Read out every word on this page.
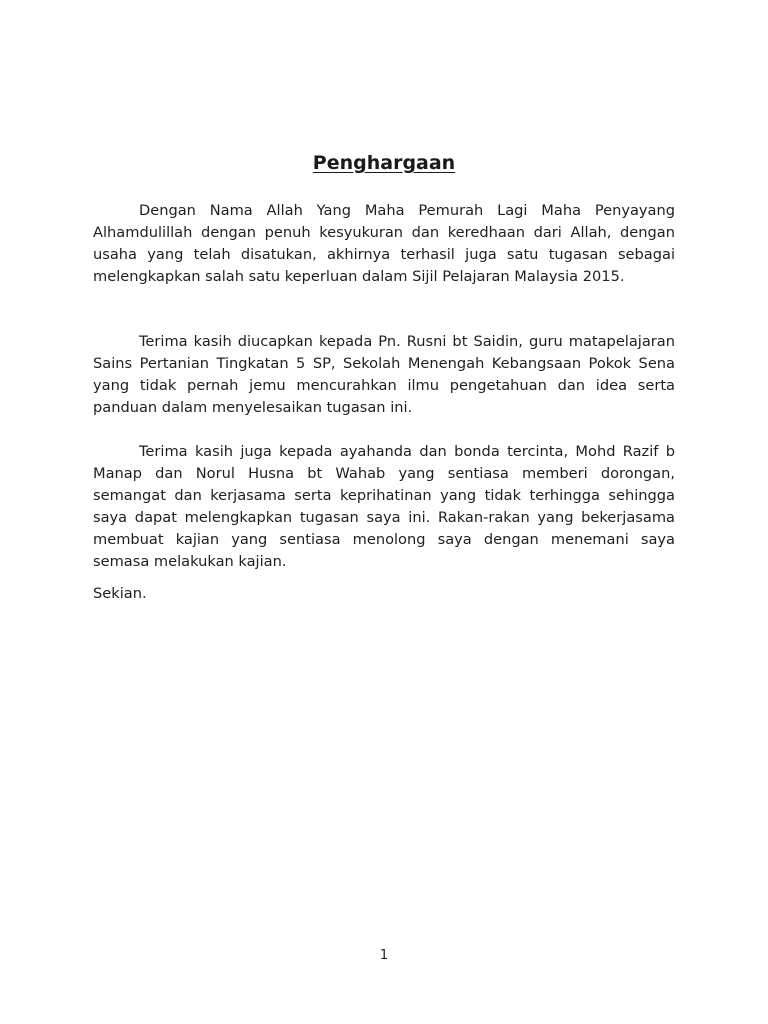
Penghargaan

Dengan Nama Allah Yang Maha Pemurah Lagi Maha Penyayang Alhamdulillah dengan penuh kesyukuran dan keredhaan dari Allah, dengan usaha yang telah disatukan, akhirnya terhasil juga satu tugasan sebagai melengkapkan salah satu keperluan dalam Sijil Pelajaran Malaysia 2015.

Terima kasih diucapkan kepada Pn. Rusni bt Saidin, guru matapelajaran Sains Pertanian Tingkatan 5 SP, Sekolah Menengah Kebangsaan Pokok Sena yang tidak pernah jemu mencurahkan ilmu pengetahuan dan idea serta panduan dalam menyelesaikan tugasan ini.

Terima kasih juga kepada ayahanda dan bonda tercinta, Mohd Razif b Manap dan Norul Husna bt Wahab yang sentiasa memberi dorongan, semangat dan kerjasama serta keprihatinan yang tidak terhingga sehingga saya dapat melengkapkan tugasan saya ini. Rakan-rakan yang bekerjasama membuat kajian yang sentiasa menolong saya dengan menemani saya semasa melakukan kajian.

Sekian.

1
